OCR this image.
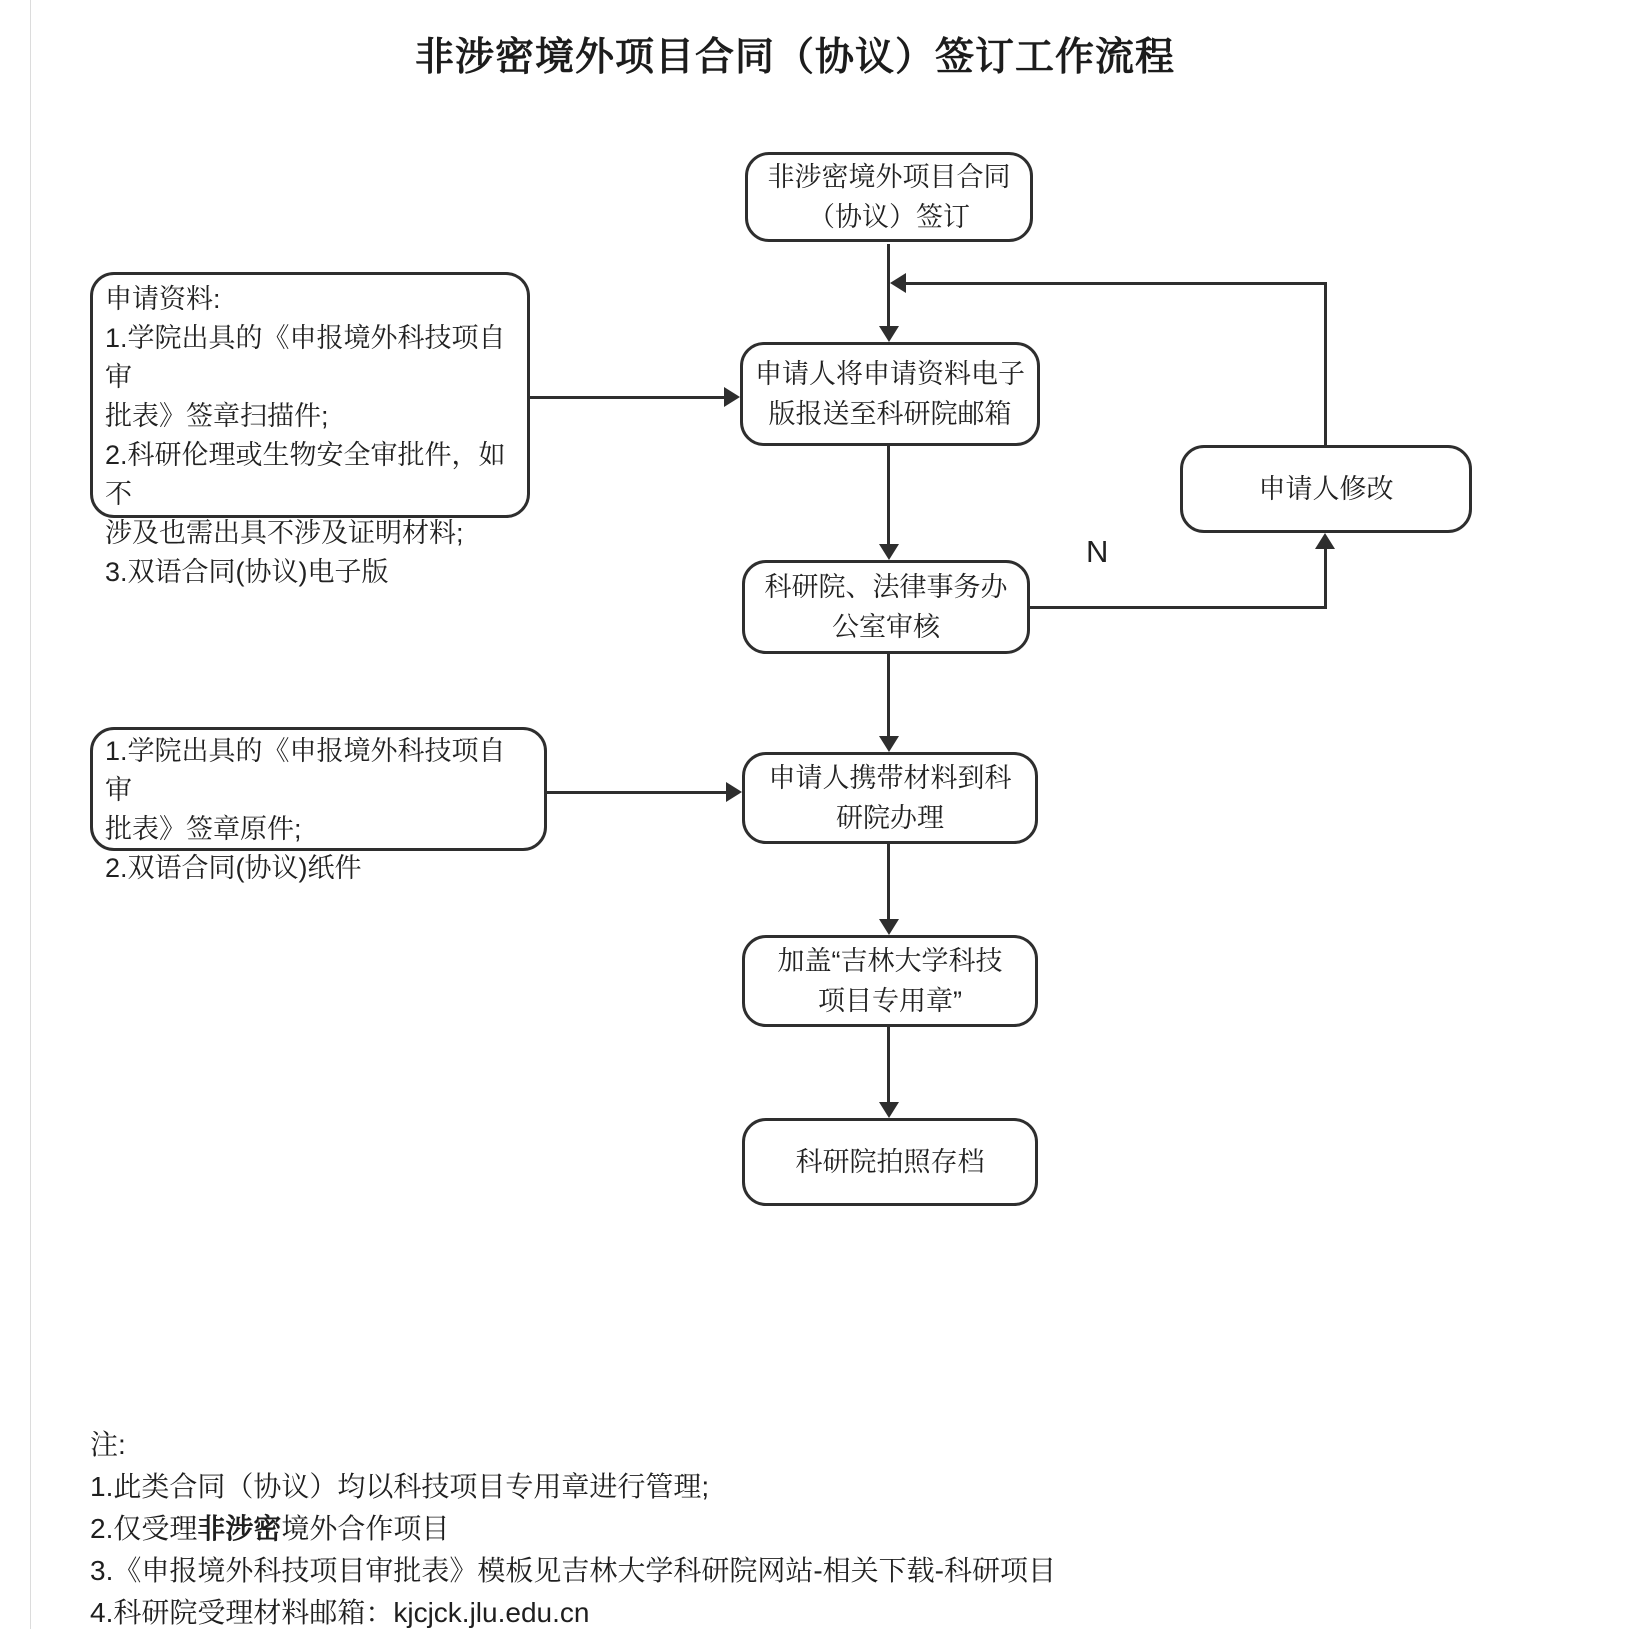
非涉密境外项目合同（协议）签订工作流程
非涉密境外项目合同
（协议）签订
申请资料:
1.学院出具的《申报境外科技项自审
批表》签章扫描件;
2.科研伦理或生物安全审批件，如不
涉及也需出具不涉及证明材料;
3.双语合同(协议)电子版
申请人将申请资料电子
版报送至科研院邮箱
申请人修改
科研院、法律事务办
公室审核
1.学院出具的《申报境外科技项自审
批表》签章原件;
2.双语合同(协议)纸件
申请人携带材料到科
研院办理
加盖“吉林大学科技
项目专用章”
科研院拍照存档
N
注:
1.此类合同（协议）均以科技项目专用章进行管理;
2.仅受理非涉密境外合作项目
3.《申报境外科技项目审批表》模板见吉林大学科研院网站-相关下载-科研项目
4.科研院受理材料邮箱：kjcjck.jlu.edu.cn
